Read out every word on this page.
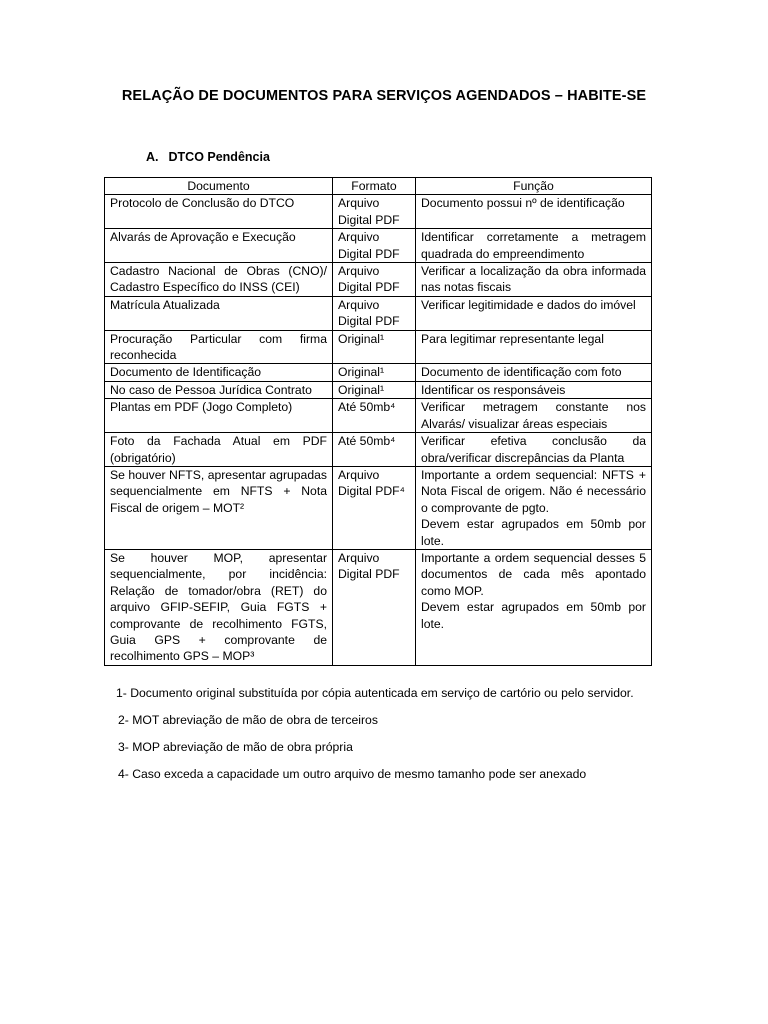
RELAÇÃO DE DOCUMENTOS PARA SERVIÇOS AGENDADOS – HABITE-SE
A. DTCO Pendência
Documento	Formato	Função
Protocolo de Conclusão do DTCO	Arquivo Digital PDF	Documento possui nº de identificação
Alvarás de Aprovação e Execução	Arquivo Digital PDF	Identificar corretamente a metragem quadrada do empreendimento
Cadastro Nacional de Obras (CNO)/ Cadastro Específico do INSS (CEI)	Arquivo Digital PDF	Verificar a localização da obra informada nas notas fiscais
Matrícula Atualizada	Arquivo Digital PDF	Verificar legitimidade e dados do imóvel
Procuração Particular com firma reconhecida	Original¹	Para legitimar representante legal
Documento de Identificação	Original¹	Documento de identificação com foto
No caso de Pessoa Jurídica Contrato	Original¹	Identificar os responsáveis
Plantas em PDF (Jogo Completo)	Até 50mb⁴	Verificar metragem constante nos Alvarás/ visualizar áreas especiais
Foto da Fachada Atual em PDF (obrigatório)	Até 50mb⁴	Verificar efetiva conclusão da obra/verificar discrepâncias da Planta
Se houver NFTS, apresentar agrupadas sequencialmente em NFTS + Nota Fiscal de origem – MOT²	Arquivo Digital PDF⁴	Importante a ordem sequencial: NFTS + Nota Fiscal de origem. Não é necessário o comprovante de pgto.
Devem estar agrupados em 50mb por lote.
Se houver MOP, apresentar sequencialmente, por incidência: Relação de tomador/obra (RET) do arquivo GFIP-SEFIP, Guia FGTS + comprovante de recolhimento FGTS, Guia GPS + comprovante de recolhimento GPS – MOP³	Arquivo Digital PDF	Importante a ordem sequencial desses 5 documentos de cada mês apontado como MOP.
Devem estar agrupados em 50mb por lote.

1- Documento original substituída por cópia autenticada em serviço de cartório ou pelo servidor.

2- MOT abreviação de mão de obra de terceiros

3- MOP abreviação de mão de obra própria

4- Caso exceda a capacidade um outro arquivo de mesmo tamanho pode ser anexado
